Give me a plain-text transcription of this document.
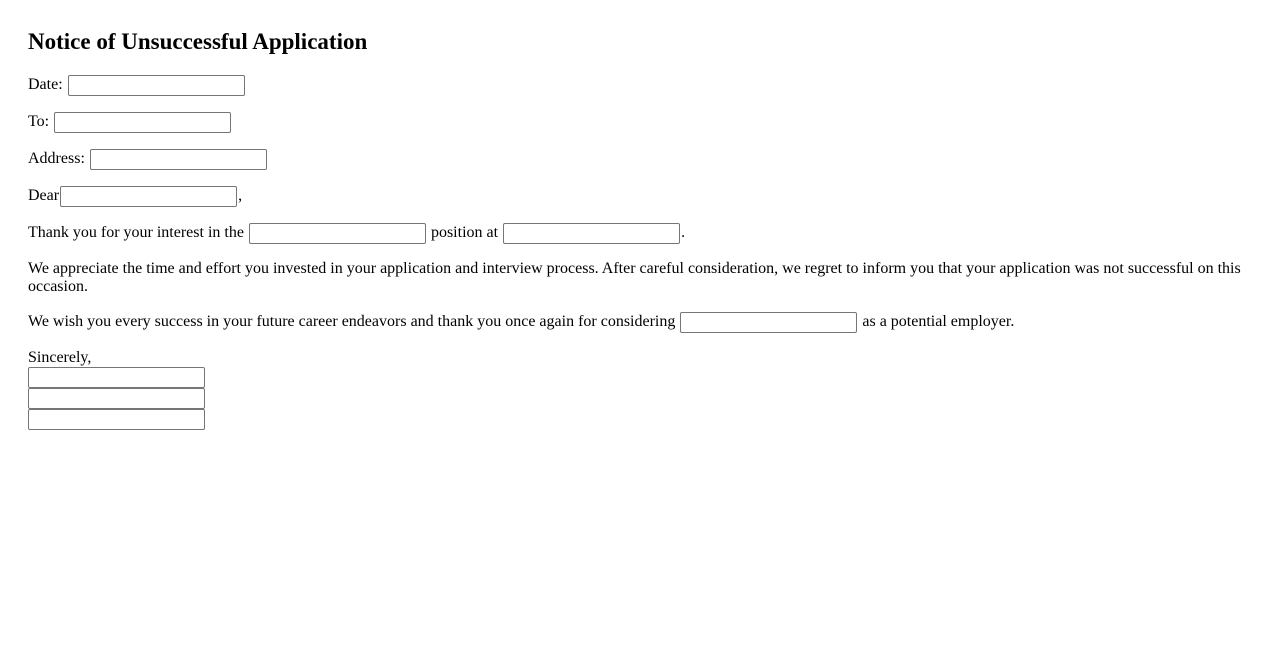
Notice of Unsuccessful Application
Date:
To:
Address:
Dear	,
Thank you for your interest in the	position at	.
We appreciate the time and effort you invested in your application and interview process. After careful consideration, we regret to inform you that your application was not successful on this occasion.
We wish you every success in your future career endeavors and thank you once again for considering	as a potential employer.
Sincerely,
